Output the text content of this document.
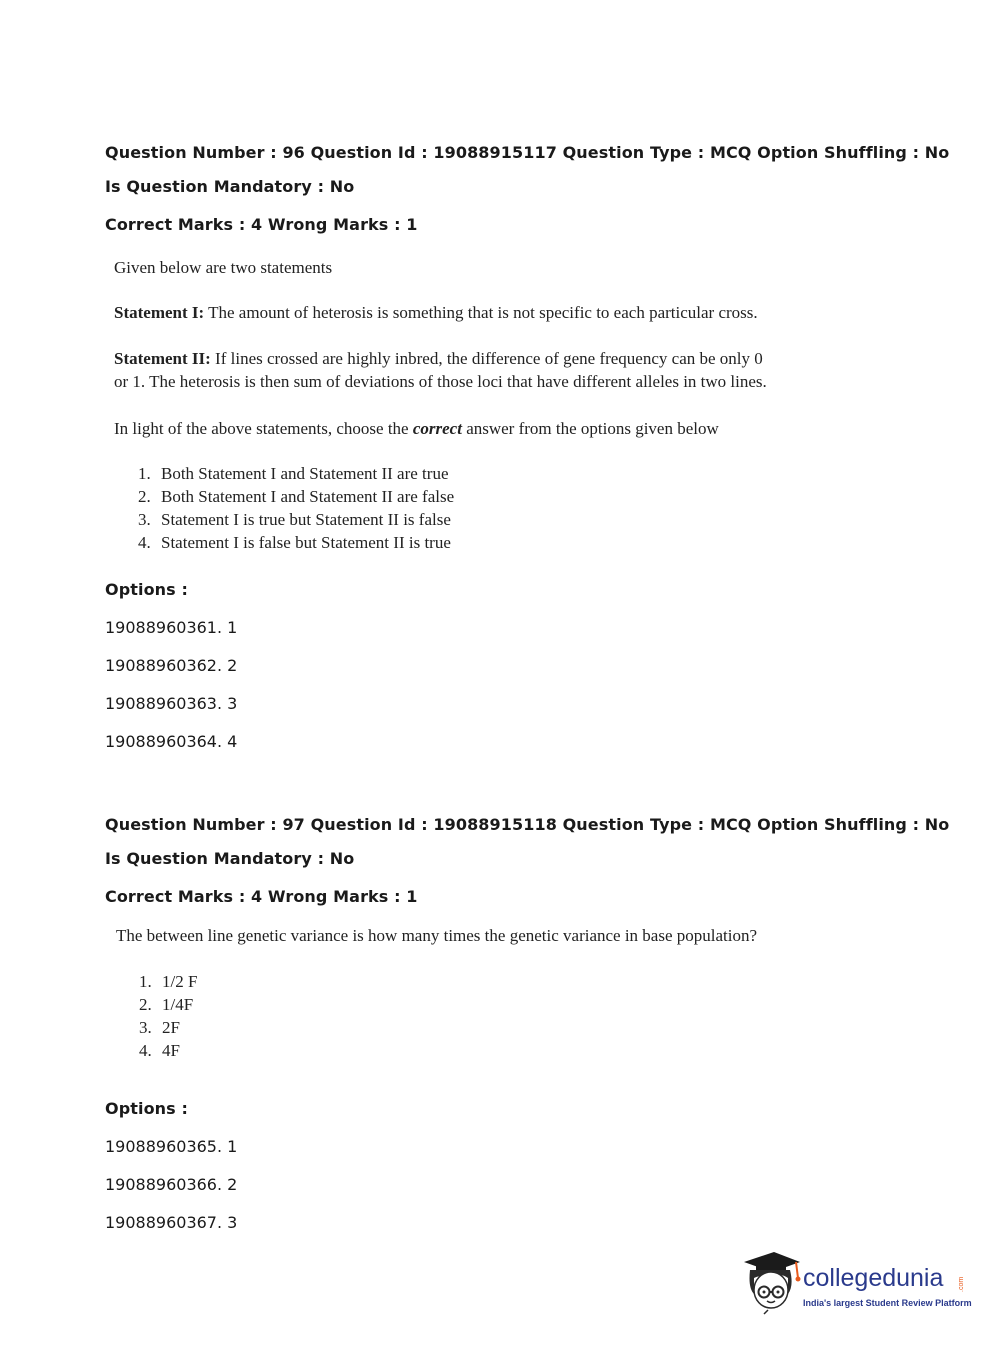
Question Number : 96 Question Id : 19088915117 Question Type : MCQ Option Shuffling : No
Is Question Mandatory : No
Correct Marks : 4 Wrong Marks : 1
Given below are two statements
Statement I: The amount of heterosis is something that is not specific to each particular cross.
Statement II: If lines crossed are highly inbred, the difference of gene frequency can be only 0
or 1. The heterosis is then sum of deviations of those loci that have different alleles in two lines.
In light of the above statements, choose the correct answer from the options given below
1. Both Statement I and Statement II are true
2. Both Statement I and Statement II are false
3. Statement I is true but Statement II is false
4. Statement I is false but Statement II is true
Options :
19088960361. 1
19088960362. 2
19088960363. 3
19088960364. 4
Question Number : 97 Question Id : 19088915118 Question Type : MCQ Option Shuffling : No
Is Question Mandatory : No
Correct Marks : 4 Wrong Marks : 1
The between line genetic variance is how many times the genetic variance in base population?
1. 1/2 F
2. 1/4F
3. 2F
4. 4F
Options :
19088960365. 1
19088960366. 2
19088960367. 3
collegedunia .com
India's largest Student Review Platform
